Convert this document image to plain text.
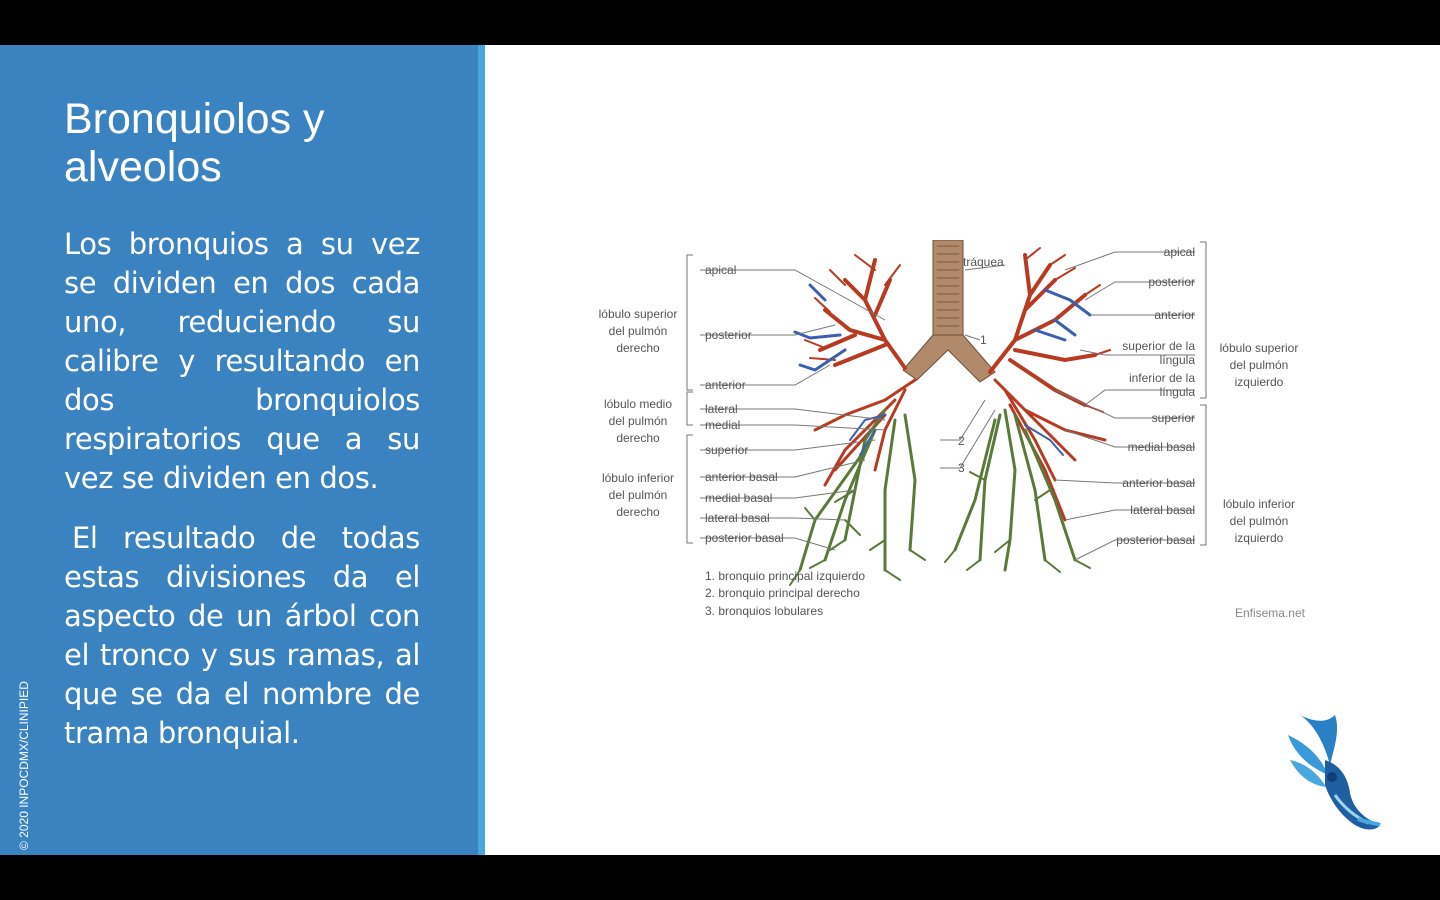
Bronquiolos y alveolos

Los bronquios a su vez se dividen en dos cada uno, reduciendo su calibre y resultando en dos bronquiolos respiratorios que a su vez se dividen en dos.

El resultado de todas estas divisiones da el aspecto de un árbol con el tronco y sus ramas, al que se da el nombre de trama bronquial.

© 2020 INPOCDMX/CLINIPIED
apical
posterior
anterior
lateral
medial
superior
anterior basal
medial basal
lateral basal
posterior basal
lóbulo superior
del pulmón
derecho
lóbulo medio
del pulmón
derecho
lóbulo inferior
del pulmón
derecho
apical
posterior
anterior
superior de la
língula
inferior de la
língula
superior
medial basal
anterior basal
lateral basal
posterior basal
lóbulo superior
del pulmón
izquierdo
lóbulo inferior
del pulmón
izquierdo
tráquea
1
2
3
1. bronquio principal izquierdo
2. bronquio principal derecho
3. bronquios lobulares	Enfisema.net
